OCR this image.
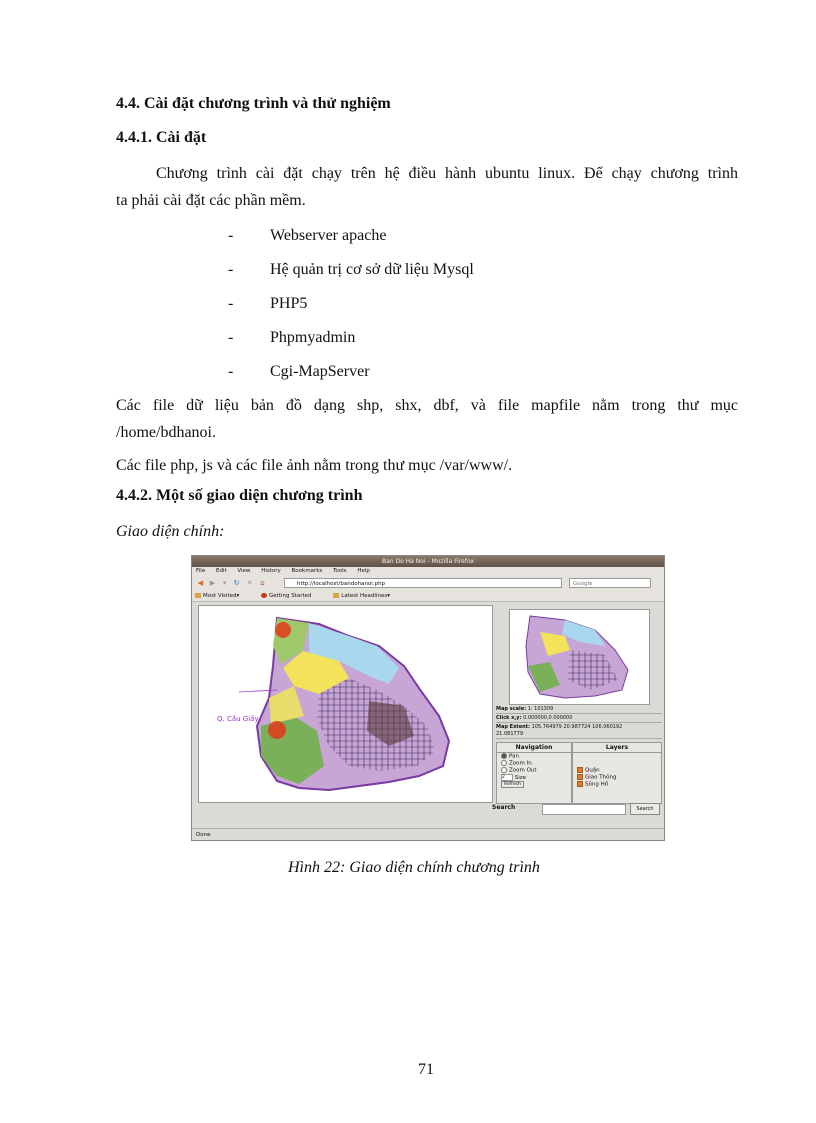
4.4. Cài đặt chương trình và thử nghiệm
4.4.1. Cài đặt
Chương trình cài đặt chạy trên hệ điều hành ubuntu linux. Để chạy chương trình
ta phải cài đặt các phần mềm.
- Webserver apache
- Hệ quản trị cơ sở dữ liệu Mysql
- PHP5
- Phpmyadmin
- Cgi-MapServer
Các file dữ liệu bản đồ dạng shp, shx, dbf, và file mapfile nằm trong thư mục
/home/bdhanoi.
Các file php, js và các file ảnh nằm trong thư mục /var/www/.
4.4.2. Một số giao diện chương trình
Giao diện chính:
Ban Do Ha Noi - Mozilla Firefox
File Edit View History Bookmarks Tools Help
◀ ▶	▾	↻ ✕	⌂	http://localhost/bandohanoi.php	Google
Most Visited▾	Getting Started	Latest Headlines▾
Q. Cầu Giấy
Map scale: 1: 101309
Click x,y: 0.000000,0.000000
Map Extent: 105.764979 20.987724 106.060192
21.081779
Navigation
Pan
Zoom In
Zoom Out
2 Size
Refresh
Layers
Quận
Giao Thông
Sông Hồ
Search	Search
Done
Hình 22: Giao diện chính chương trình
71
